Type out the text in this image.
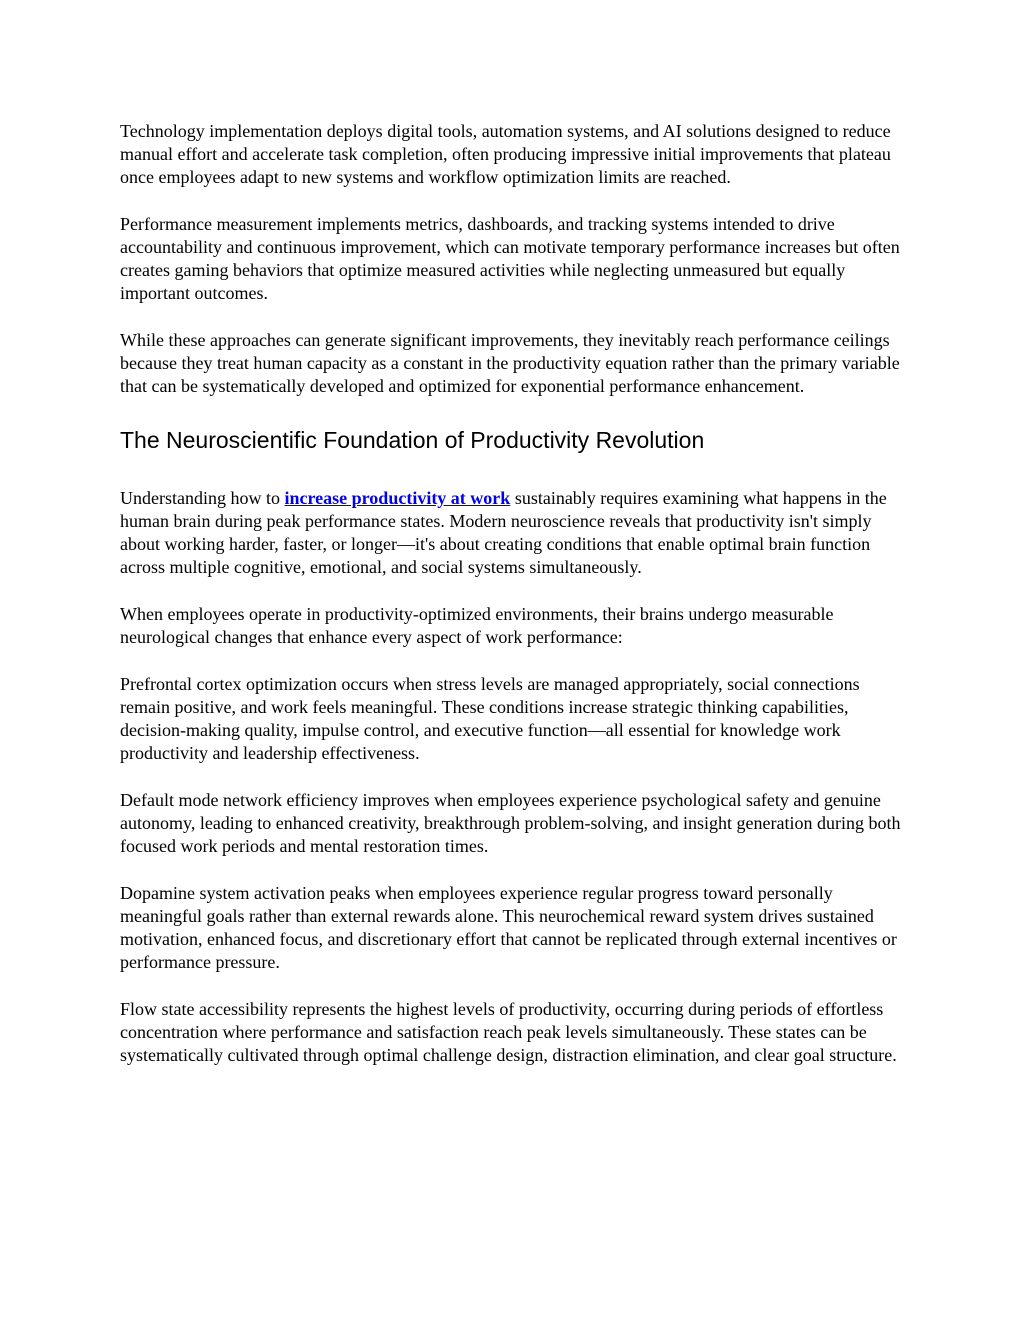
Technology implementation deploys digital tools, automation systems, and AI solutions designed to reduce manual effort and accelerate task completion, often producing impressive initial improvements that plateau once employees adapt to new systems and workflow optimization limits are reached.

Performance measurement implements metrics, dashboards, and tracking systems intended to drive accountability and continuous improvement, which can motivate temporary performance increases but often creates gaming behaviors that optimize measured activities while neglecting unmeasured but equally important outcomes.

While these approaches can generate significant improvements, they inevitably reach performance ceilings because they treat human capacity as a constant in the productivity equation rather than the primary variable that can be systematically developed and optimized for exponential performance enhancement.

The Neuroscientific Foundation of Productivity Revolution

Understanding how to increase productivity at work sustainably requires examining what happens in the human brain during peak performance states. Modern neuroscience reveals that productivity isn't simply about working harder, faster, or longer—it's about creating conditions that enable optimal brain function across multiple cognitive, emotional, and social systems simultaneously.

When employees operate in productivity-optimized environments, their brains undergo measurable neurological changes that enhance every aspect of work performance:

Prefrontal cortex optimization occurs when stress levels are managed appropriately, social connections remain positive, and work feels meaningful. These conditions increase strategic thinking capabilities, decision-making quality, impulse control, and executive function—all essential for knowledge work productivity and leadership effectiveness.

Default mode network efficiency improves when employees experience psychological safety and genuine autonomy, leading to enhanced creativity, breakthrough problem-solving, and insight generation during both focused work periods and mental restoration times.

Dopamine system activation peaks when employees experience regular progress toward personally meaningful goals rather than external rewards alone. This neurochemical reward system drives sustained motivation, enhanced focus, and discretionary effort that cannot be replicated through external incentives or performance pressure.

Flow state accessibility represents the highest levels of productivity, occurring during periods of effortless concentration where performance and satisfaction reach peak levels simultaneously. These states can be systematically cultivated through optimal challenge design, distraction elimination, and clear goal structure.
